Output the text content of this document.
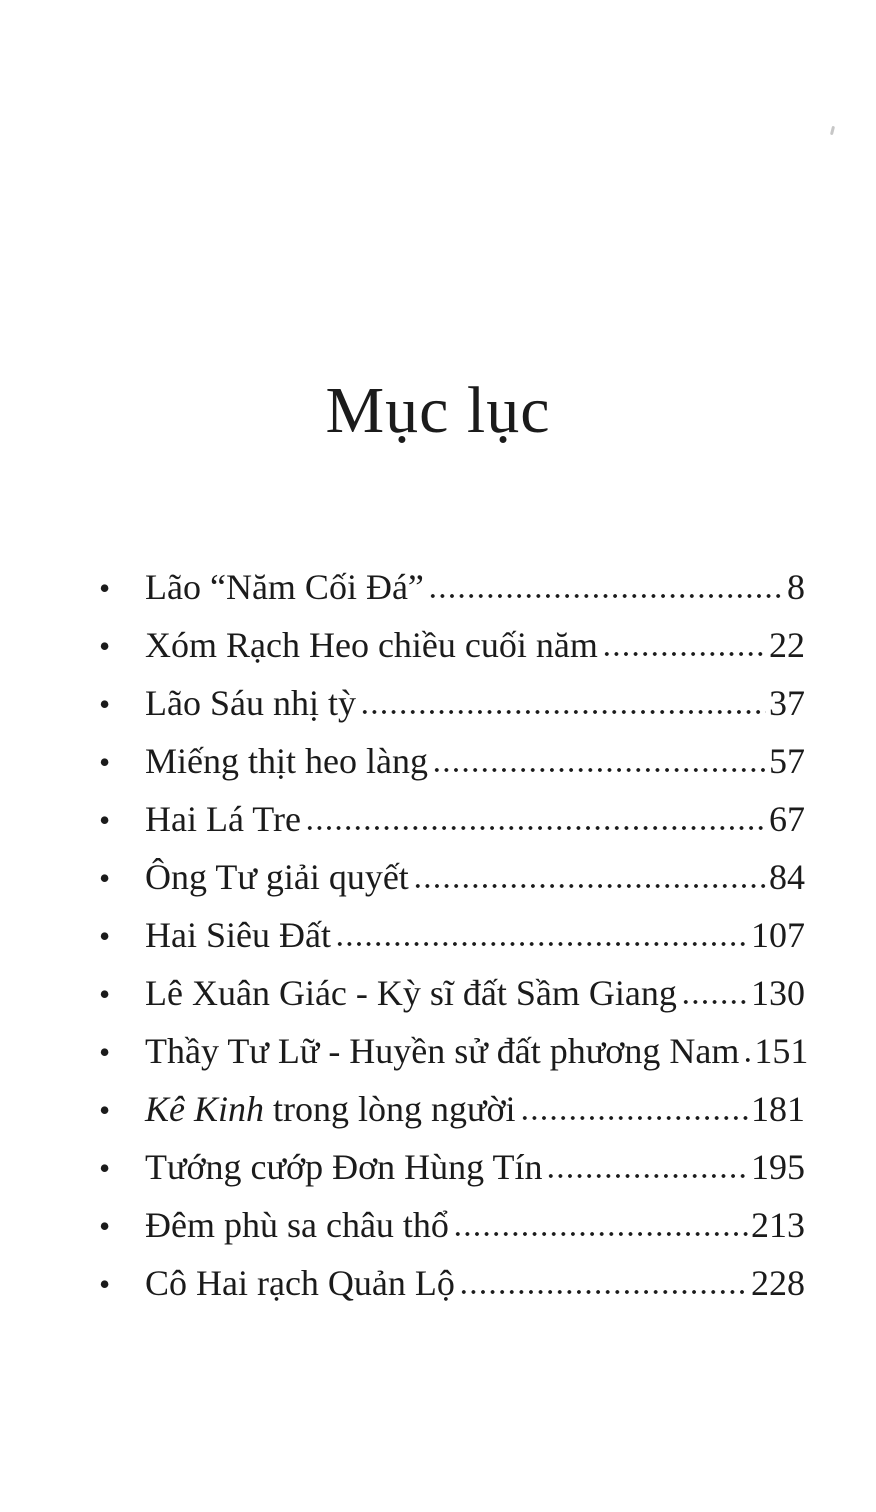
Mục lục
• Lão “Năm Cối Đá”	8
• Xóm Rạch Heo chiều cuối năm	22
• Lão Sáu nhị tỳ	37
• Miếng thịt heo làng	57
• Hai Lá Tre	67
• Ông Tư giải quyết	84
• Hai Siêu Đất	107
• Lê Xuân Giác - Kỳ sĩ đất Sầm Giang 130
• Thầy Tư Lữ - Huyền sử đất phương Nam 151
• Kê Kinh trong lòng người	181
• Tướng cướp Đơn Hùng Tín	195
• Đêm phù sa châu thổ	213
• Cô Hai rạch Quản Lộ	228
